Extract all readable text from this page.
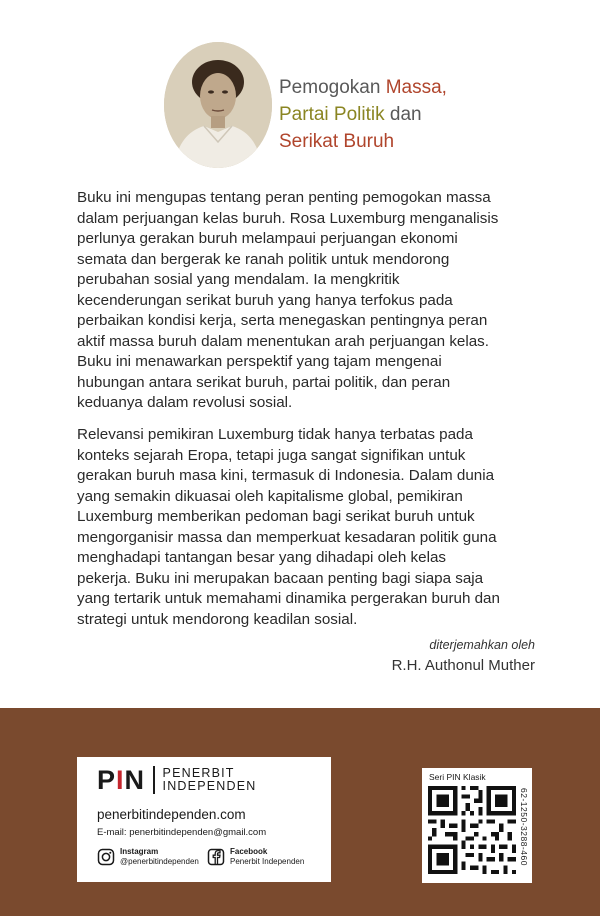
Pemogokan Massa,
Partai Politik dan
Serikat Buruh

Buku ini mengupas tentang peran penting pemogokan massa
dalam perjuangan kelas buruh. Rosa Luxemburg menganalisis
perlunya gerakan buruh melampaui perjuangan ekonomi
semata dan bergerak ke ranah politik untuk mendorong
perubahan sosial yang mendalam. Ia mengkritik
kecenderungan serikat buruh yang hanya terfokus pada
perbaikan kondisi kerja, serta menegaskan pentingnya peran
aktif massa buruh dalam menentukan arah perjuangan kelas.
Buku ini menawarkan perspektif yang tajam mengenai
hubungan antara serikat buruh, partai politik, dan peran
keduanya dalam revolusi sosial.

Relevansi pemikiran Luxemburg tidak hanya terbatas pada
konteks sejarah Eropa, tetapi juga sangat signifikan untuk
gerakan buruh masa kini, termasuk di Indonesia. Dalam dunia
yang semakin dikuasai oleh kapitalisme global, pemikiran
Luxemburg memberikan pedoman bagi serikat buruh untuk
mengorganisir massa dan memperkuat kesadaran politik guna
menghadapi tantangan besar yang dihadapi oleh kelas
pekerja. Buku ini merupakan bacaan penting bagi siapa saja
yang tertarik untuk memahami dinamika pergerakan buruh dan
strategi untuk mendorong keadilan sosial.

diterjemahkan oleh
R.H. Authonul Muther
PIN PENERBIT
INDEPENDEN
penerbitindependen.com
E-mail: penerbitindependen@gmail.com
Instagram
@penerbitindependen
Facebook
Penerbit Independen
Seri PIN Klasik
62-1250-3288-460
